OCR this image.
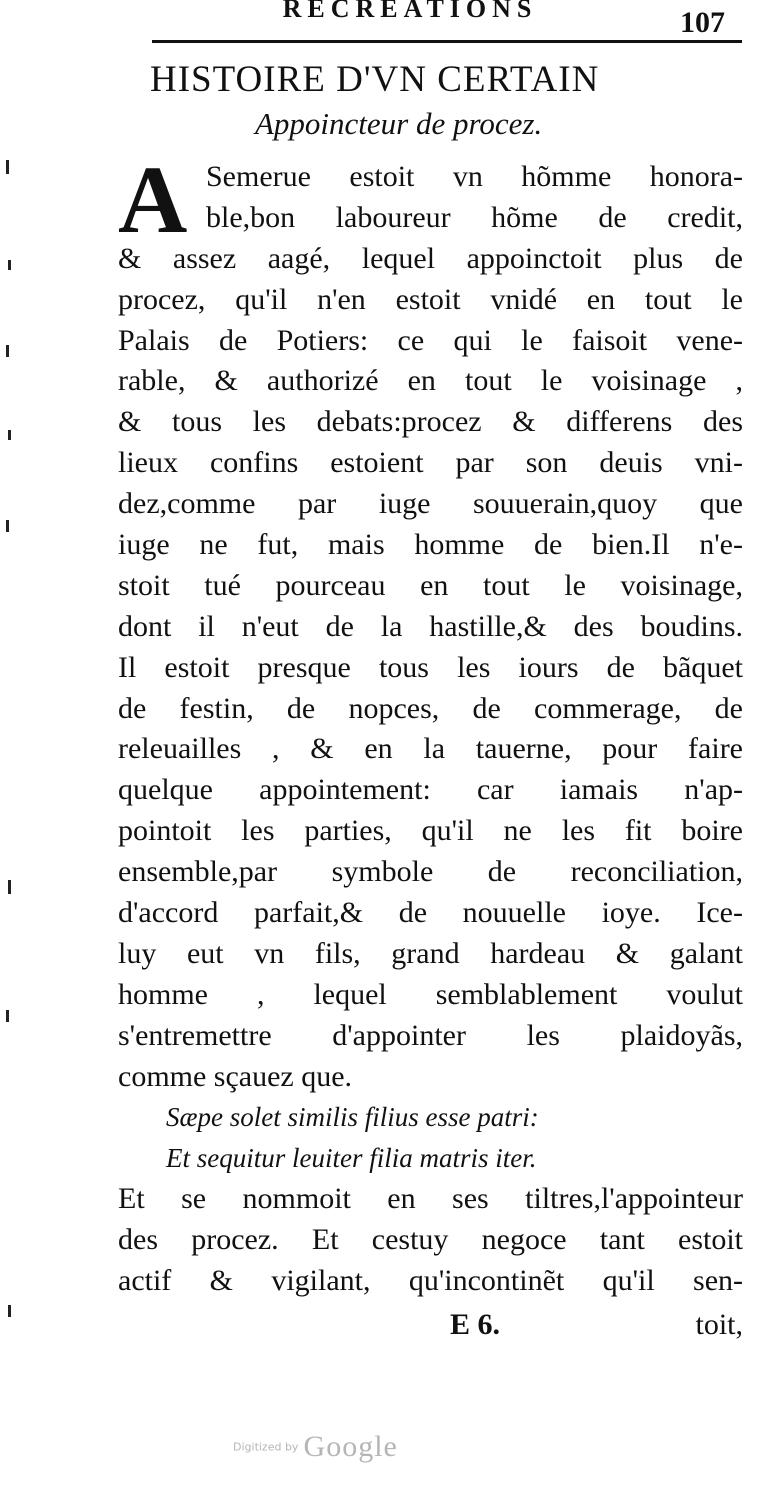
RECREATIONS	107
HISTOIRE D'VN CERTAIN
Appoincteur de procez.
A Semerue estoit vn hõmme honora-
ble,bon laboureur hõme de credit,
& assez aagé, lequel appoinctoit plus de
procez, qu'il n'en estoit vnidé en tout le
Palais de Potiers: ce qui le faisoit vene-
rable, & authorizé en tout le voisinage ,
& tous les debats:procez & differens des
lieux confins estoient par son deuis vni-
dez,comme par iuge souuerain,quoy que
iuge ne fut, mais homme de bien.Il n'e-
stoit tué pourceau en tout le voisinage,
dont il n'eut de la hastille,& des boudins.
Il estoit presque tous les iours de bãquet
de festin, de nopces, de commerage, de
releuailles , & en la tauerne, pour faire
quelque appointement: car iamais n'ap-
pointoit les parties, qu'il ne les fit boire
ensemble,par symbole de reconciliation,
d'accord parfait,& de nouuelle ioye. Ice-
luy eut vn fils, grand hardeau & galant
homme , lequel semblablement voulut
s'entremettre d'appointer les plaidoyãs,
comme sçauez que.
Sæpe solet similis filius esse patri:
Et sequitur leuiter filia matris iter.
Et se nommoit en ses tiltres,l'appointeur
des procez. Et cestuy negoce tant estoit
actif & vigilant, qu'incontinẽt qu'il sen-
E 6.	toit,
Digitized by Google
